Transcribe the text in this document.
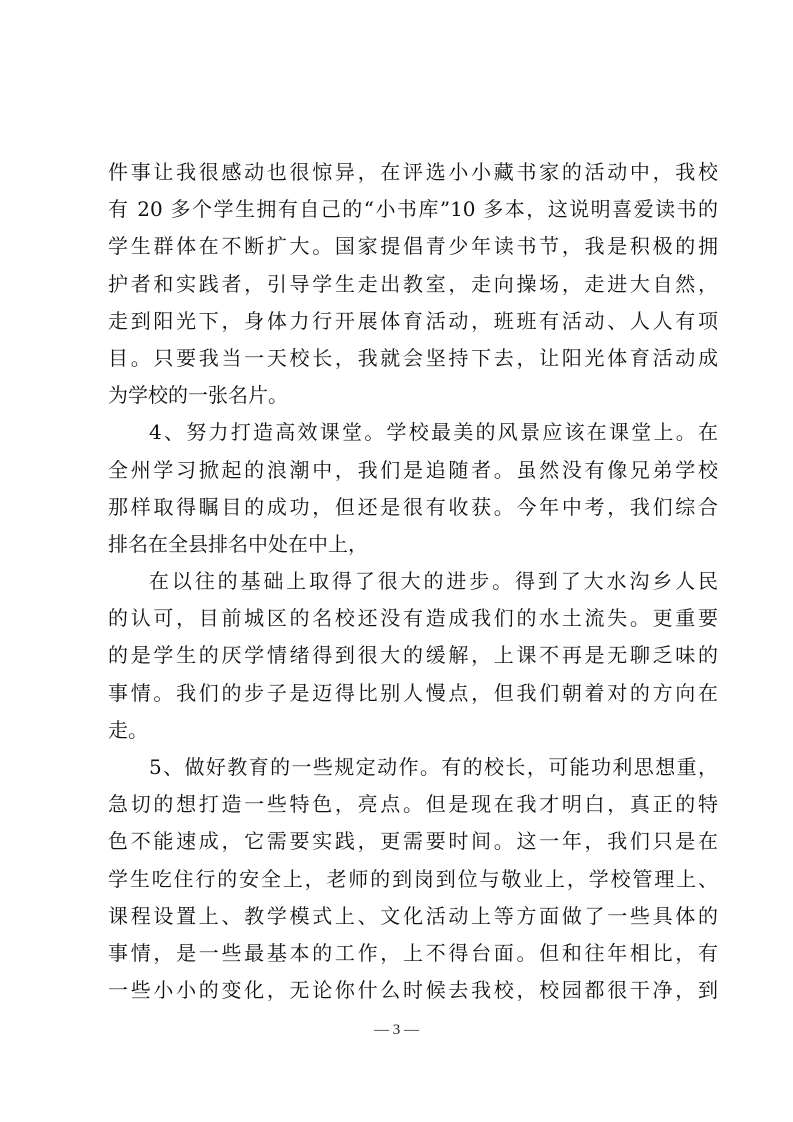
件事让我很感动也很惊异，在评选小小藏书家的活动中，我校
有 20 多个学生拥有自己的“小书库”10 多本，这说明喜爱读书的
学生群体在不断扩大。国家提倡青少年读书节，我是积极的拥
护者和实践者，引导学生走出教室，走向操场，走进大自然，
走到阳光下，身体力行开展体育活动，班班有活动、人人有项
目。只要我当一天校长，我就会坚持下去，让阳光体育活动成
为学校的一张名片。
4、努力打造高效课堂。学校最美的风景应该在课堂上。在
全州学习掀起的浪潮中，我们是追随者。虽然没有像兄弟学校
那样取得瞩目的成功，但还是很有收获。今年中考，我们综合
排名在全县排名中处在中上，
在以往的基础上取得了很大的进步。得到了大水沟乡人民
的认可，目前城区的名校还没有造成我们的水土流失。更重要
的是学生的厌学情绪得到很大的缓解，上课不再是无聊乏味的
事情。我们的步子是迈得比别人慢点，但我们朝着对的方向在
走。
5、做好教育的一些规定动作。有的校长，可能功利思想重，
急切的想打造一些特色，亮点。但是现在我才明白，真正的特
色不能速成，它需要实践，更需要时间。这一年，我们只是在
学生吃住行的安全上，老师的到岗到位与敬业上，学校管理上、
课程设置上、教学模式上、文化活动上等方面做了一些具体的
事情，是一些最基本的工作，上不得台面。但和往年相比，有
一些小小的变化，无论你什么时候去我校，校园都很干净，到
— 3 —
